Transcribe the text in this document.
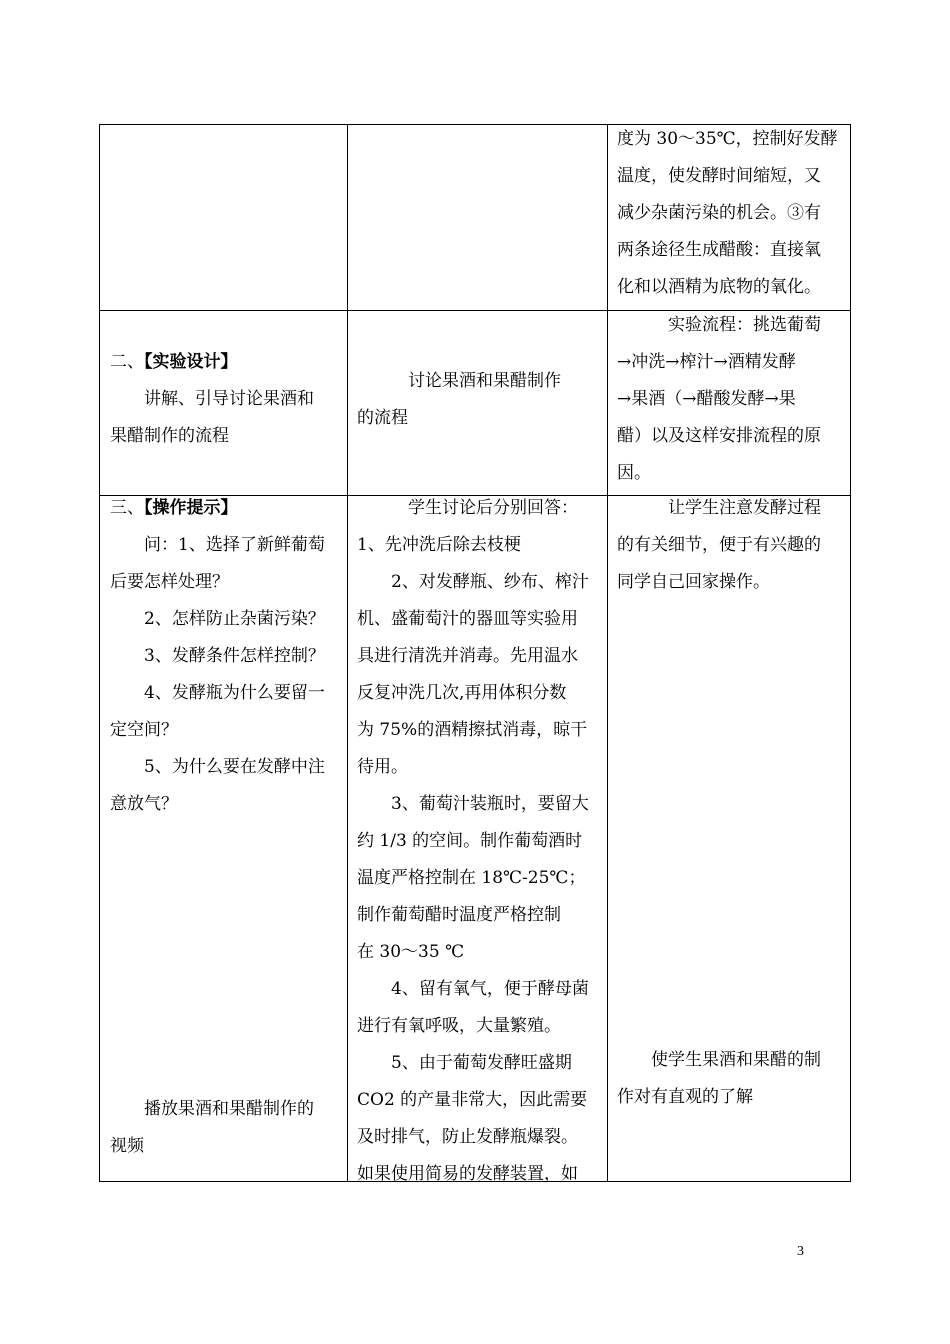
度为 30～35℃，控制好发酵

温度，使发酵时间缩短，又

减少杂菌污染的机会。③有

两条途径生成醋酸：直接氧

化和以酒精为底物的氧化。

二、【实验设计】

讲解、引导讨论果酒和

果醋制作的流程

讨论果酒和果醋制作

的流程

实验流程：挑选葡萄

→冲洗→榨汁→酒精发酵

→果酒（→醋酸发酵→果

醋）以及这样安排流程的原

因。

三、【操作提示】

问：1、选择了新鲜葡萄

后要怎样处理？

2、怎样防止杂菌污染？

3、发酵条件怎样控制？

4、发酵瓶为什么要留一

定空间？

5、为什么要在发酵中注

意放气？

播放果酒和果醋制作的

视频

学生讨论后分别回答：

1、先冲洗后除去枝梗

2、对发酵瓶、纱布、榨汁

机、盛葡萄汁的器皿等实验用

具进行清洗并消毒。先用温水

反复冲洗几次,再用体积分数

为 75%的酒精擦拭消毒，晾干

待用。

3、葡萄汁装瓶时，要留大

约 1/3 的空间。制作葡萄酒时

温度严格控制在 18℃-25℃；

制作葡萄醋时温度严格控制

在 30～35 ℃

4、留有氧气，便于酵母菌

进行有氧呼吸，大量繁殖。

5、由于葡萄发酵旺盛期

CO2 的产量非常大，因此需要

及时排气，防止发酵瓶爆裂。

如果使用简易的发酵装置，如

让学生注意发酵过程

的有关细节，便于有兴趣的

同学自己回家操作。

使学生果酒和果醋的制

作对有直观的了解

3
